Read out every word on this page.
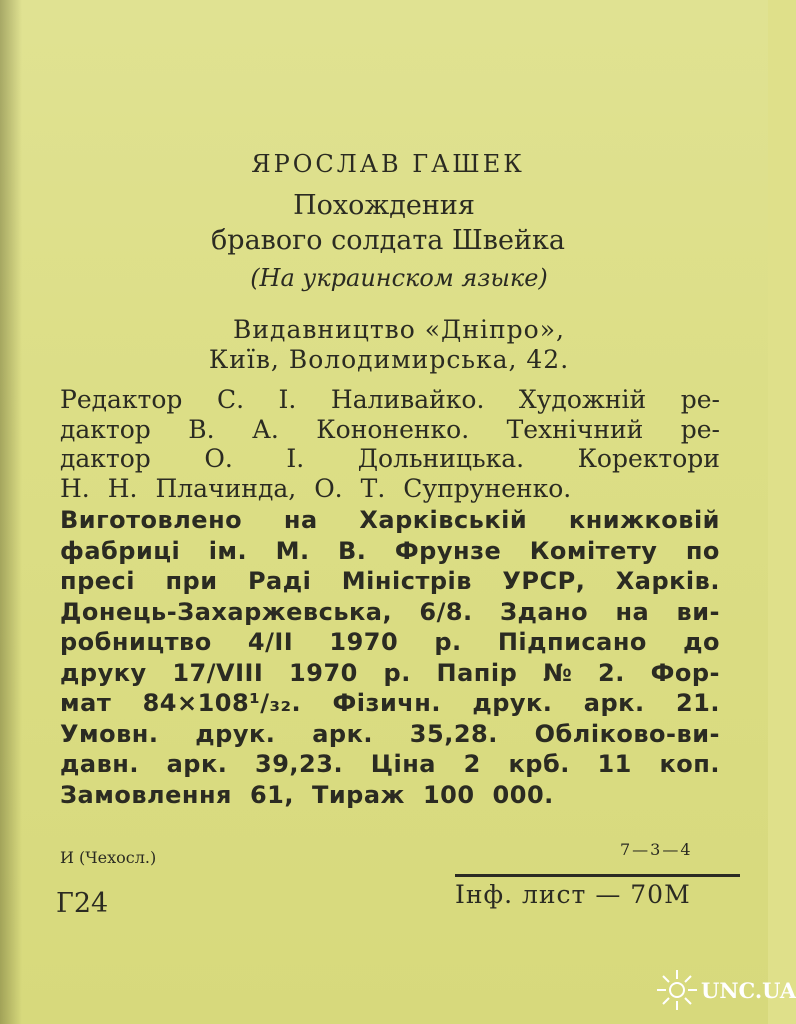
ЯРОСЛАВ ГАШЕК
Похождения
бравого солдата Швейка
(На украинском языке)
Видавництво «Дніпро»,
Київ, Володимирська, 42.
Редактор С. І. Наливайко. Художній ре-
дактор В. А. Кононенко. Технічний ре-
дактор О. І. Дольницька. Коректори
Н. Н. Плачинда, О. Т. Супруненко.
Виготовлено на Харківській книжковій
фабриці ім. М. В. Фрунзе Комітету по
пресі при Раді Міністрів УРСР, Харків.
Донець-Захаржевська, 6/8. Здано на ви-
робництво 4/ІІ 1970 р. Підписано до
друку 17/VIII 1970 р. Папір № 2. Фор-
мат 84×108¹/₃₂. Фізичн. друк. арк. 21.
Умовн. друк. арк. 35,28. Обліково-ви-
давн. арк. 39,23. Ціна 2 крб. 11 коп.
Замовлення 61, Тираж 100 000.
И (Чехосл.)	7—3—4
Г24	Інф. лист — 70М
UNC.UA
